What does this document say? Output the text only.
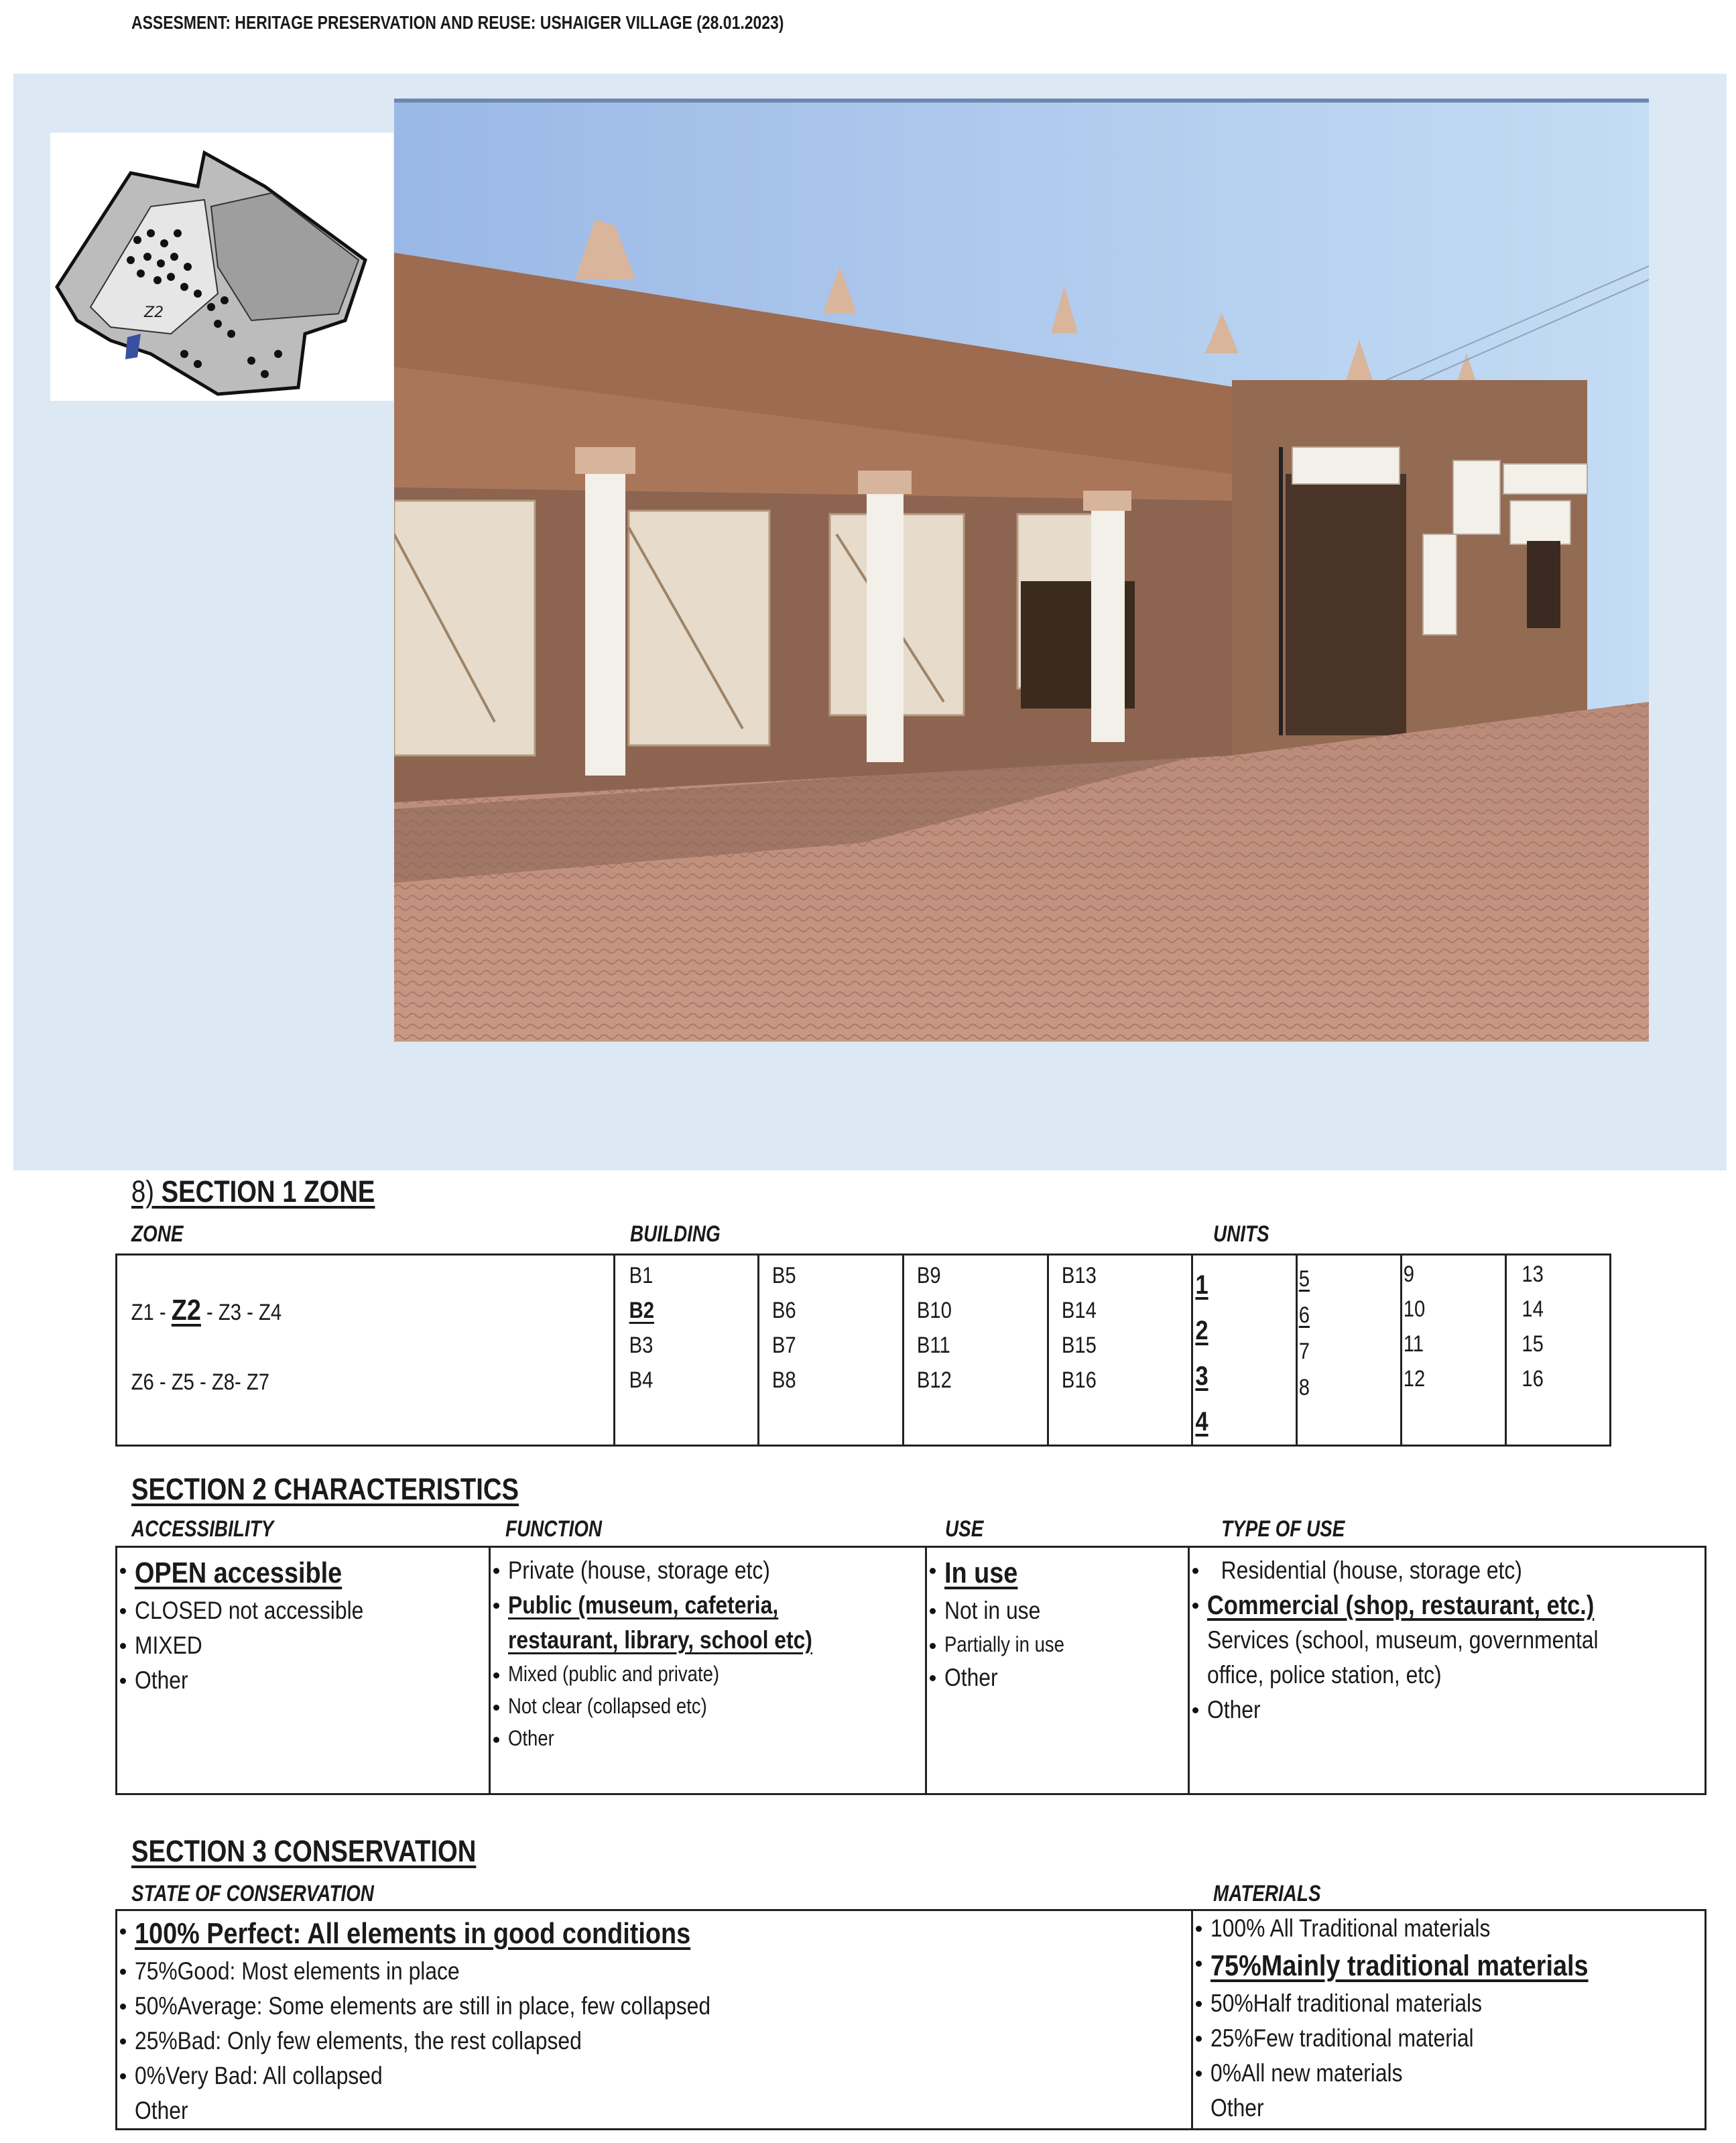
ASSESMENT: HERITAGE PRESERVATION AND REUSE: USHAIGER VILLAGE (28.01.2023)
Z2
8) SECTION 1 ZONE
ZONE	BUILDING	UNITS
Z1 - Z2 - Z3 - Z4
Z6 - Z5 - Z8- Z7

B1
B2
B3
B4

B5
B6
B7
B8

B9
B10
B11
B12

B13
B14
B15
B16

1
2
3
4

5
6
7
8

9
10
11
12

13
14
15
16
SECTION 2 CHARACTERISTICS
ACCESSIBILITY	FUNCTION	USE	TYPE OF USE
OPEN accessible
CLOSED not accessible
MIXED
Other

Private (house, storage etc)
Public (museum, cafeteria,
restaurant, library, school etc)
Mixed (public and private)
Not clear (collapsed etc)
Other

In use
Not in use
Partially in use
Other

Residential (house, storage etc)
Commercial (shop, restaurant, etc.)
Services (school, museum, governmental
office, police station, etc)
Other
SECTION 3 CONSERVATION
STATE OF CONSERVATION	MATERIALS
100% Perfect: All elements in good conditions
75%Good: Most elements in place
50%Average: Some elements are still in place, few collapsed
25%Bad: Only few elements, the rest collapsed
0%Very Bad: All collapsed
Other

100% All Traditional materials
75%Mainly traditional materials
50%Half traditional materials
25%Few traditional material
0%All new materials
Other
